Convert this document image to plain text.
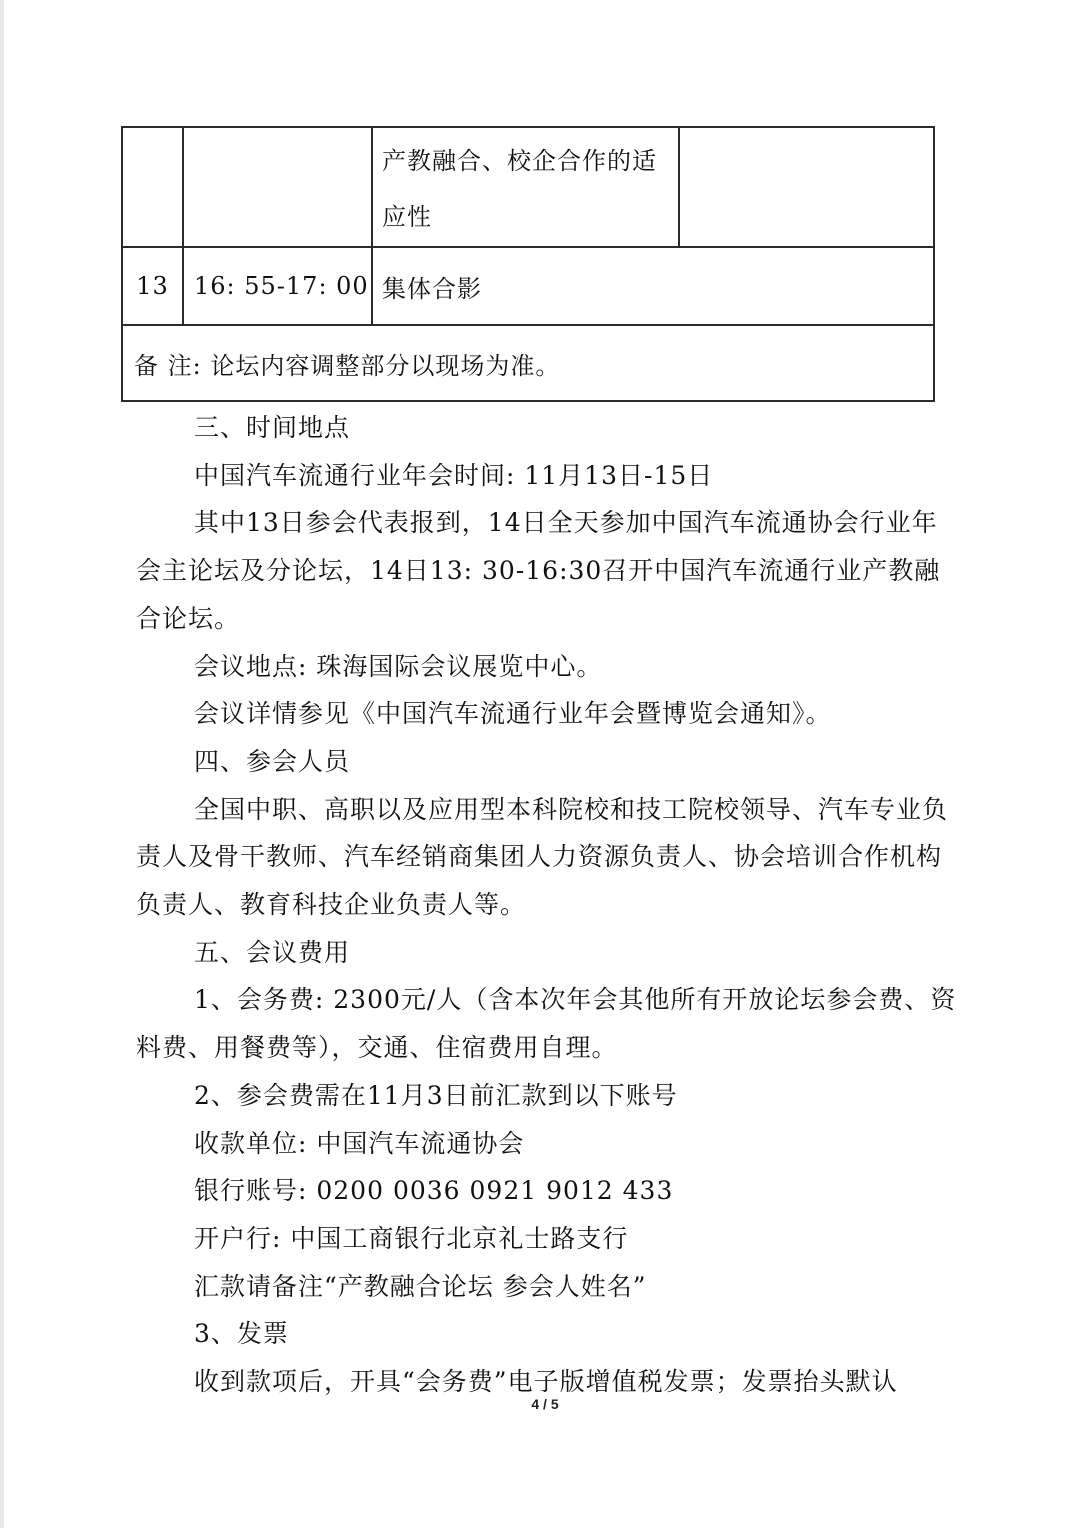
		产教融合、校企合作的适
应性	

13	16: 55-17: 00	集体合影	
备 注: 论坛内容调整部分以现场为准。			

三、时间地点

中国汽车流通行业年会时间: 11月13日-15日

其中13日参会代表报到，14日全天参加中国汽车流通协会行业年会主论坛及分论坛，14日13: 30-16:30召开中国汽车流通行业产教融合论坛。

会议地点: 珠海国际会议展览中心。

会议详情参见《中国汽车流通行业年会暨博览会通知》。

四、参会人员

全国中职、高职以及应用型本科院校和技工院校领导、汽车专业负责人及骨干教师、汽车经销商集团人力资源负责人、协会培训合作机构负责人、教育科技企业负责人等。

五、会议费用

1、会务费: 2300元/人（含本次年会其他所有开放论坛参会费、资料费、用餐费等），交通、住宿费用自理。

2、参会费需在11月3日前汇款到以下账号

收款单位: 中国汽车流通协会

银行账号: 0200 0036 0921 9012 433

开户行: 中国工商银行北京礼士路支行

汇款请备注“产教融合论坛 参会人姓名”

3、发票

收到款项后，开具“会务费”电子版增值税发票；发票抬头默认

4 / 5
